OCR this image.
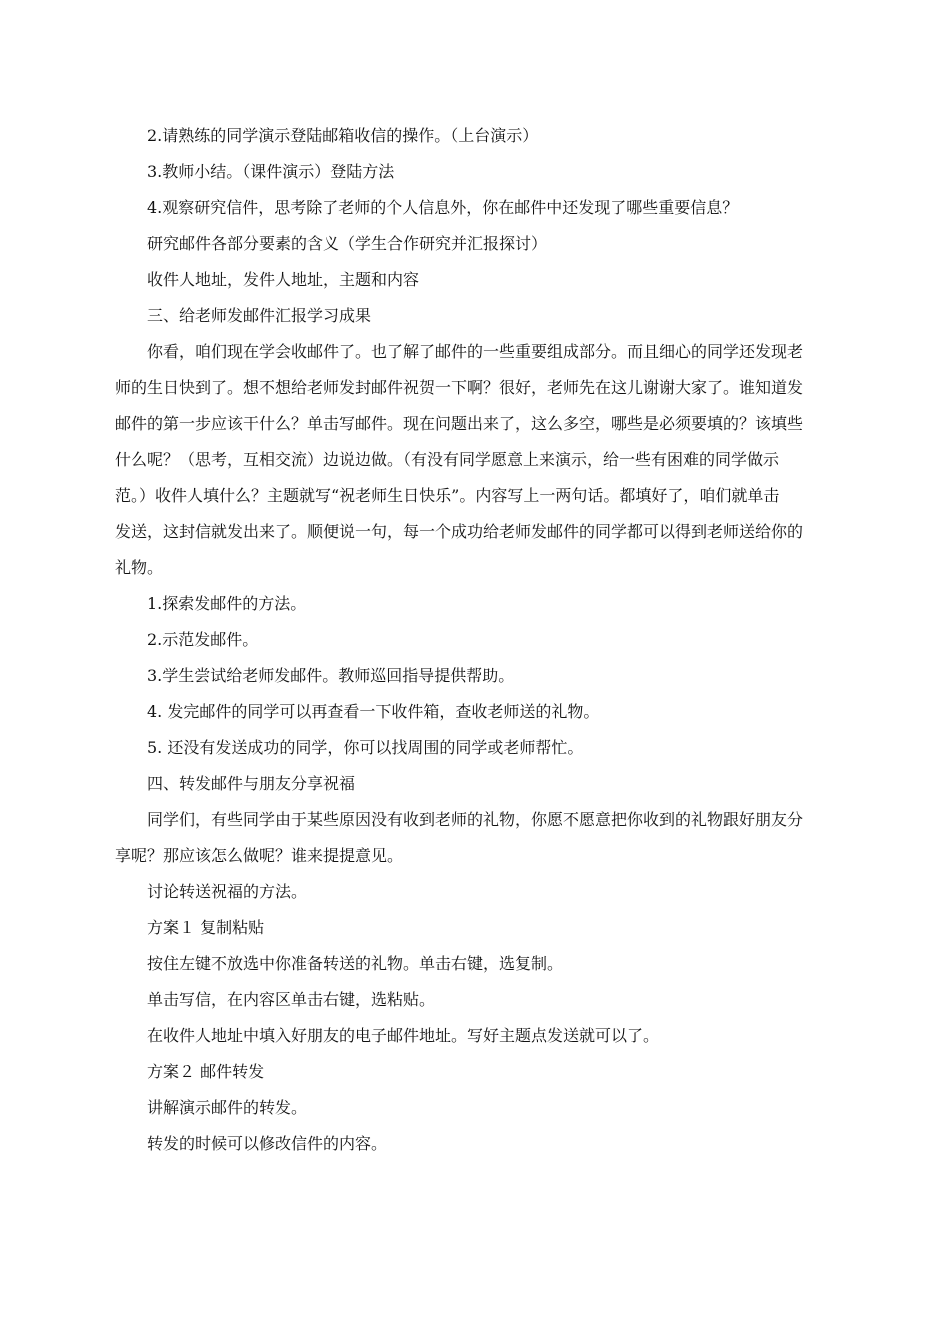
2.请熟练的同学演示登陆邮箱收信的操作。（上台演示）

3.教师小结。（课件演示）登陆方法

4.观察研究信件，思考除了老师的个人信息外，你在邮件中还发现了哪些重要信息？

研究邮件各部分要素的含义（学生合作研究并汇报探讨）

收件人地址，发件人地址，主题和内容

三、给老师发邮件汇报学习成果

你看，咱们现在学会收邮件了。也了解了邮件的一些重要组成部分。而且细心的同学还发现老

师的生日快到了。想不想给老师发封邮件祝贺一下啊？很好，老师先在这儿谢谢大家了。谁知道发

邮件的第一步应该干什么？单击写邮件。现在问题出来了，这么多空，哪些是必须要填的？该填些

什么呢？（思考，互相交流）边说边做。（有没有同学愿意上来演示，给一些有困难的同学做示

范。）收件人填什么？主题就写“祝老师生日快乐”。内容写上一两句话。都填好了，咱们就单击

发送，这封信就发出来了。顺便说一句，每一个成功给老师发邮件的同学都可以得到老师送给你的

礼物。

1.探索发邮件的方法。

2.示范发邮件。

3.学生尝试给老师发邮件。教师巡回指导提供帮助。

4. 发完邮件的同学可以再查看一下收件箱，查收老师送的礼物。

5. 还没有发送成功的同学，你可以找周围的同学或老师帮忙。

四、转发邮件与朋友分享祝福

同学们，有些同学由于某些原因没有收到老师的礼物，你愿不愿意把你收到的礼物跟好朋友分

享呢？那应该怎么做呢？谁来提提意见。

讨论转送祝福的方法。

方案１ 复制粘贴

按住左键不放选中你准备转送的礼物。单击右键，选复制。

单击写信，在内容区单击右键，选粘贴。

在收件人地址中填入好朋友的电子邮件地址。写好主题点发送就可以了。

方案２ 邮件转发

讲解演示邮件的转发。

转发的时候可以修改信件的内容。
